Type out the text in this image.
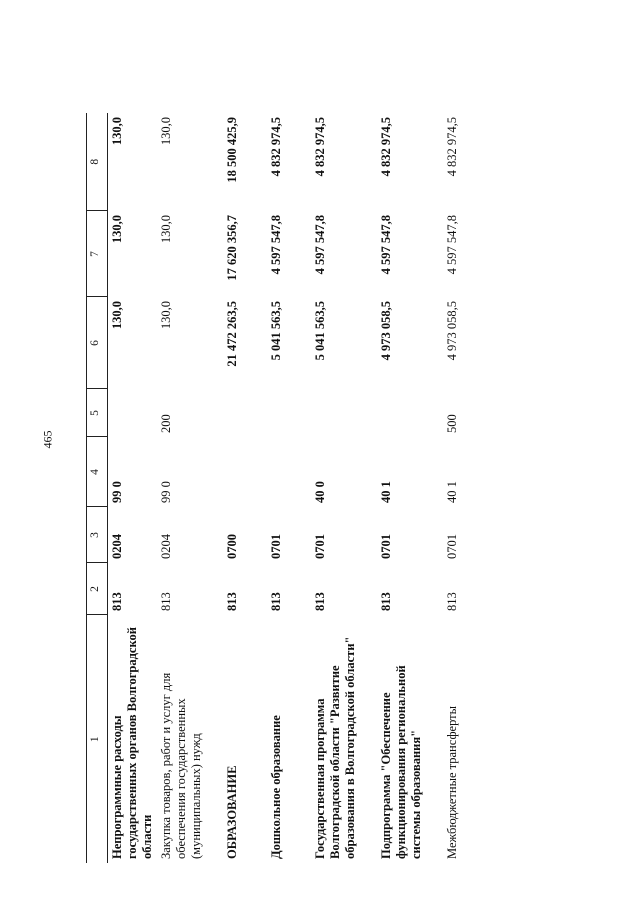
465
1	2	3	4	5	6	7	8
Непрограммные расходы государственных органов Волгоградской области	813	0204	99 0		130,0	130,0	130,0
Закупка товаров, работ и услуг для обеспечения государственных (муниципальных) нужд	813	0204	99 0	200	130,0	130,0	130,0
ОБРАЗОВАНИЕ	813	0700			21 472 263,5	17 620 356,7	18 500 425,9
Дошкольное образование	813	0701			5 041 563,5	4 597 547,8	4 832 974,5
Государственная программа Волгоградской области "Развитие образования в Волгоградской области"	813	0701	40 0		5 041 563,5	4 597 547,8	4 832 974,5
Подпрограмма "Обеспечение функционирования региональной системы образования"	813	0701	40 1		4 973 058,5	4 597 547,8	4 832 974,5
Межбюджетные трансферты	813	0701	40 1	500	4 973 058,5	4 597 547,8	4 832 974,5
